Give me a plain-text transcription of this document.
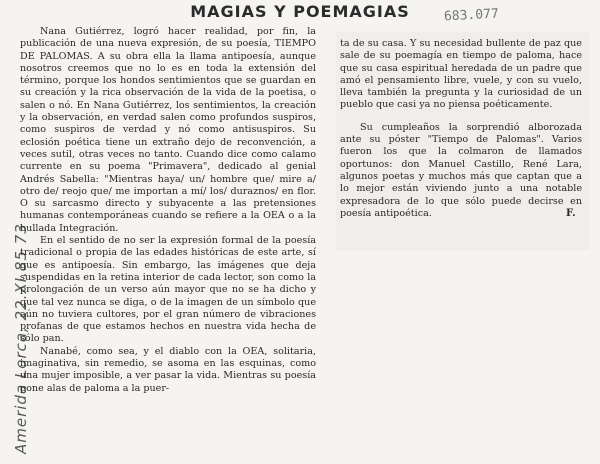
MAGIAS Y POEMAGIAS	683.077
Amerida Lorca, 22.XI.85 73

Nana Gutiérrez, logró hacer realidad, por fin, la publicación de una nueva expresión, de su poesía, TIEMPO DE PALOMAS. A su obra ella la llama antipoesía, aunque nosotros creemos que no lo es en toda la extensión del término, porque los hondos sentimientos que se guardan en su creación y la rica observación de la vida de la poetisa, o salen o nó. En Nana Gutiérrez, los sentimientos, la creación y la observación, en verdad salen como profundos suspiros, como suspiros de verdad y nó como antisuspiros. Su eclosión poética tiene un extraño dejo de reconvención, a veces sutil, otras veces no tanto. Cuando dice como calamo currente en su poema "Primavera", dedicado al genial Andrés Sabella: "Mientras haya/ un/ hombre que/ mire a/ otro de/ reojo que/ me importan a mí/ los/ duraznos/ en flor. O su sarcasmo directo y subyacente a las pretensiones humanas contemporáneas cuando se refiere a la OEA o a la bullada Integración.

En el sentido de no ser la expresión formal de la poesía tradicional o propia de las edades históricas de este arte, sí que es antipoesía. Sin embargo, las imágenes que deja suspendidas en la retina interior de cada lector, son como la prolongación de un verso aún mayor que no se ha dicho y que tal vez nunca se diga, o de la imagen de un símbolo que aún no tuviera cultores, por el gran número de vibraciones profanas de que estamos hechos en nuestra vida hecha de sólo pan.

Nanabé, como sea, y el diablo con la OEA, solitaria, imaginativa, sin remedio, se asoma en las esquinas, como una mujer imposible, a ver pasar la vida. Mientras su poesía pone alas de paloma a la puer-

ta de su casa. Y su necesidad bullente de paz que sale de su poemagía en tiempo de paloma, hace que su casa espiritual heredada de un padre que amó el pensamiento libre, vuele, y con su vuelo, lleva también la pregunta y la curiosidad de un pueblo que casi ya no piensa poéticamente.

Su cumpleaños la sorprendió alborozada ante su póster "Tiempo de Palomas". Varios fueron los que la colmaron de llamados oportunos: don Manuel Castillo, René Lara, algunos poetas y muchos más que captan que a lo mejor están viviendo junto a una notable expresadora de lo que sólo puede decirse en poesía antipoética.	F.
